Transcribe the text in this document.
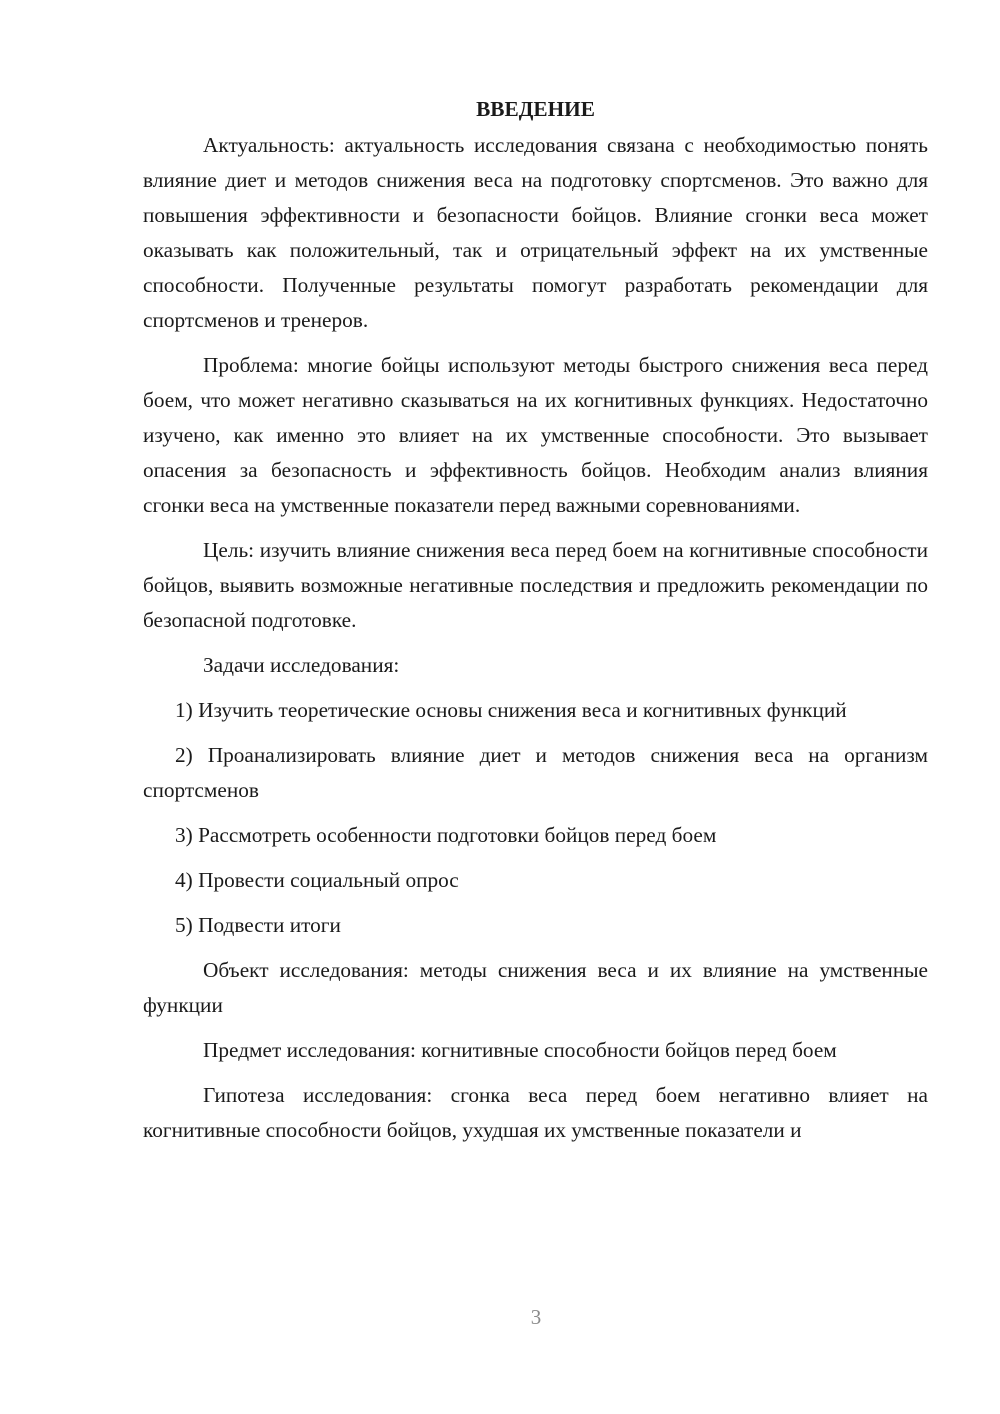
ВВЕДЕНИЕ

Актуальность: актуальность исследования связана с необходимостью понять влияние диет и методов снижения веса на подготовку спортсменов. Это важно для повышения эффективности и безопасности бойцов. Влияние сгонки веса может оказывать как положительный, так и отрицательный эффект на их умственные способности. Полученные результаты помогут разработать рекомендации для спортсменов и тренеров.

Проблема: многие бойцы используют методы быстрого снижения веса перед боем, что может негативно сказываться на их когнитивных функциях. Недостаточно изучено, как именно это влияет на их умственные способности. Это вызывает опасения за безопасность и эффективность бойцов. Необходим анализ влияния сгонки веса на умственные показатели перед важными соревнованиями.

Цель: изучить влияние снижения веса перед боем на когнитивные способности бойцов, выявить возможные негативные последствия и предложить рекомендации по безопасной подготовке.

Задачи исследования:

1) Изучить теоретические основы снижения веса и когнитивных функций

2) Проанализировать влияние диет и методов снижения веса на организм спортсменов

3) Рассмотреть особенности подготовки бойцов перед боем

4) Провести социальный опрос

5) Подвести итоги

Объект исследования: методы снижения веса и их влияние на умственные функции

Предмет исследования: когнитивные способности бойцов перед боем

Гипотеза исследования: сгонка веса перед боем негативно влияет на когнитивные способности бойцов, ухудшая их умственные показатели и

3
